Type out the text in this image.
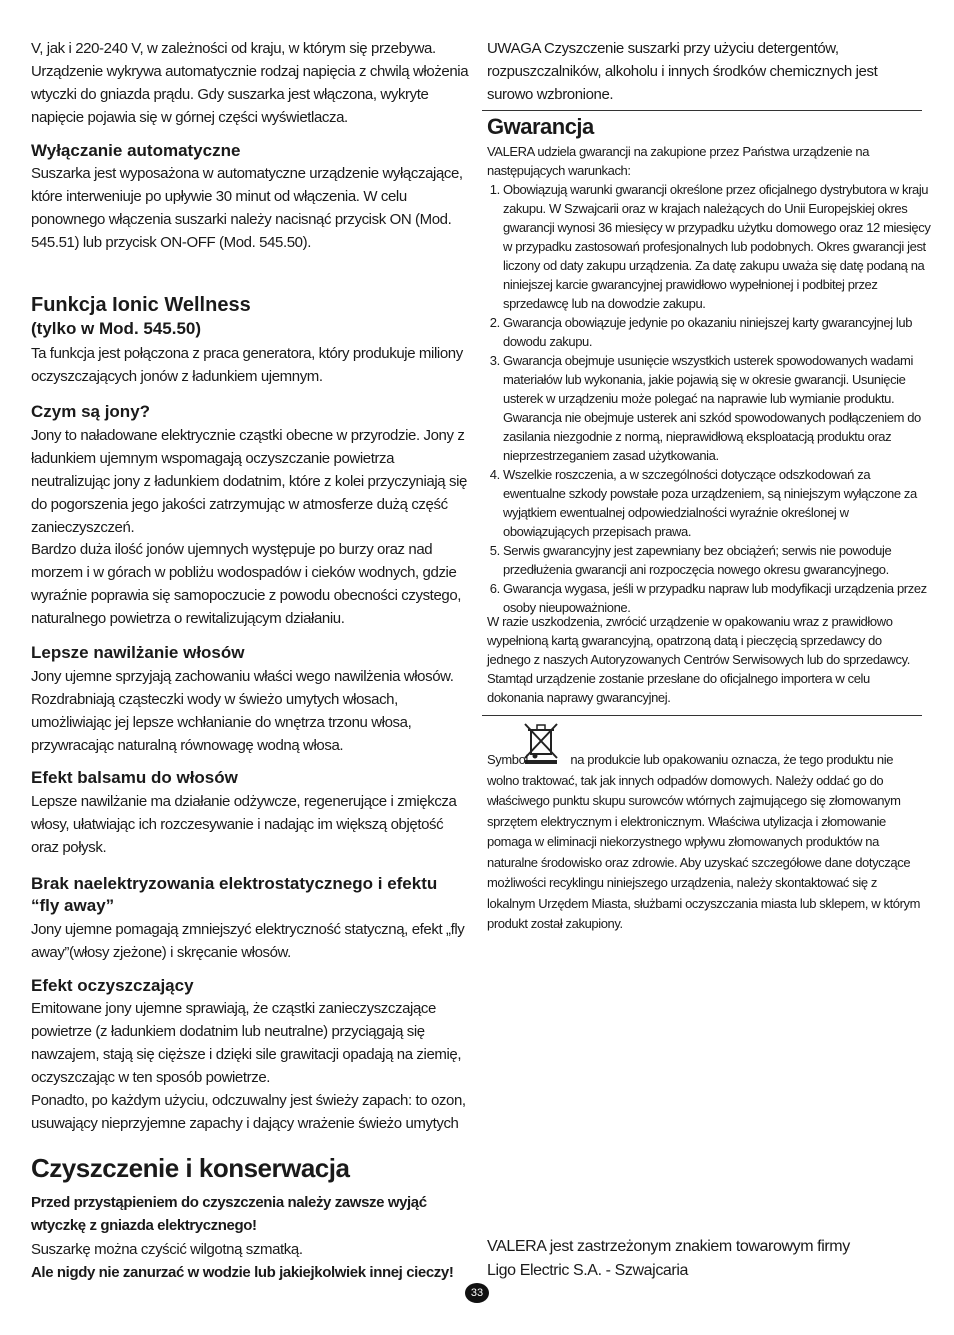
V, jak i 220-240 V, w zależności od kraju, w którym się przebywa. Urządzenie wykrywa automatycznie rodzaj napięcia z chwilą włożenia wtyczki do gniazda prądu. Gdy suszarka jest włączona, wykryte napięcie pojawia się w górnej części wyświetlacza.
Wyłączanie automatyczne
Suszarka jest wyposażona w automatyczne urządzenie wyłączające, które interweniuje po upływie 30 minut od włączenia. W celu ponownego włączenia suszarki należy nacisnąć przycisk ON (Mod. 545.51) lub przycisk ON-OFF (Mod. 545.50).
Funkcja Ionic Wellness
(tylko w Mod. 545.50)
Ta funkcja jest połączona z praca generatora, który produkuje miliony oczyszczających jonów z ładunkiem ujemnym.
Czym są jony?
Jony to naładowane elektrycznie cząstki obecne w przyrodzie. Jony z ładunkiem ujemnym wspomagają oczyszczanie powietrza neutralizując jony z ładunkiem dodatnim, które z kolei przyczyniają się do pogorszenia jego jakości zatrzymując w atmosferze dużą część zanieczyszczeń.
Bardzo duża ilość jonów ujemnych występuje po burzy oraz nad morzem i w górach w pobliżu wodospadów i cieków wodnych, gdzie wyraźnie poprawia się samopoczucie z powodu obecności czystego, naturalnego powietrza o rewitalizującym działaniu.
Lepsze nawilżanie włosów
Jony ujemne sprzyjają zachowaniu właści wego nawilżenia włosów. Rozdrabniają cząsteczki wody w świeżo umytych włosach, umożliwiając jej lepsze wchłanianie do wnętrza trzonu włosa, przywracając naturalną równowagę wodną włosa.
Efekt balsamu do włosów
Lepsze nawilżanie ma działanie odżywcze, regenerujące i zmiękcza włosy, ułatwiając ich rozczesywanie i nadając im większą objętość oraz połysk.
Brak naelektryzowania elektrostatycznego i efektu “fly away”
Jony ujemne pomagają zmniejszyć elektryczność statyczną, efekt „fly away”(włosy zjeżone) i skręcanie włosów.
Efekt oczyszczający
Emitowane jony ujemne sprawiają, że cząstki zanieczyszczające powietrze (z ładunkiem dodatnim lub neutralne) przyciągają się nawzajem, stają się cięższe i dzięki sile grawitacji opadają na ziemię, oczyszczając w ten sposób powietrze.
Ponadto, po każdym użyciu, odczuwalny jest świeży zapach: to ozon, usuwający nieprzyjemne zapachy i dający wrażenie świeżo umytych
Czyszczenie i konserwacja
Przed przystąpieniem do czyszczenia należy zawsze wyjąć wtyczkę z gniazda elektrycznego!
Suszarkę można czyścić wilgotną szmatką.
Ale nigdy nie zanurzać w wodzie lub jakiejkolwiek innej cieczy!
UWAGA Czyszczenie suszarki przy użyciu detergentów, rozpuszczalników, alkoholu i innych środków chemicznych jest surowo wzbronione.
Gwarancja
VALERA udziela gwarancji na zakupione przez Państwa urządzenie na następujących warunkach:
1. Obowiązują warunki gwarancji określone przez oficjalnego dystrybutora w kraju zakupu. W Szwajcarii oraz w krajach należących do Unii Europejskiej okres gwarancji wynosi 36 miesięcy w przypadku użytku domowego oraz 12 miesięcy w przypadku zastosowań profesjonalnych lub podobnych. Okres gwarancji jest liczony od daty zakupu urządzenia. Za datę zakupu uważa się datę podaną na niniejszej karcie gwarancyjnej prawidłowo wypełnionej i podbitej przez sprzedawcę lub na dowodzie zakupu.
2. Gwarancja obowiązuje jedynie po okazaniu niniejszej karty gwarancyjnej lub dowodu zakupu.
3. Gwarancja obejmuje usunięcie wszystkich usterek spowodowanych wadami materiałów lub wykonania, jakie pojawią się w okresie gwarancji. Usunięcie usterek w urządzeniu może polegać na naprawie lub wymianie produktu. Gwarancja nie obejmuje usterek ani szkód spowodowanych podłączeniem do zasilania niezgodnie z normą, nieprawidłową eksploatacją produktu oraz nieprzestrzeganiem zasad użytkowania.
4. Wszelkie roszczenia, a w szczególności dotyczące odszkodowań za ewentualne szkody powstałe poza urządzeniem, są niniejszym wyłączone za wyjątkiem ewentualnej odpowiedzialności wyraźnie określonej w obowiązujących przepisach prawa.
5. Serwis gwarancyjny jest zapewniany bez obciążeń; serwis nie powoduje przedłużenia gwarancji ani rozpoczęcia nowego okresu gwarancyjnego.
6. Gwarancja wygasa, jeśli w przypadku napraw lub modyfikacji urządzenia przez osoby nieupoważnione.
W razie uszkodzenia, zwrócić urządzenie w opakowaniu wraz z prawidłowo wypełnioną kartą gwarancyjną, opatrzoną datą i pieczęcią sprzedawcy do jednego z naszych Autoryzowanych Centrów Serwisowych lub do sprzedawcy. Stamtąd urządzenie zostanie przesłane do oficjalnego importera w celu dokonania naprawy gwarancyjnej.
Symbol	na produkcie lub opakowaniu oznacza, że tego produktu nie wolno traktować, tak jak innych odpadów domowych. Należy oddać go do właściwego punktu skupu surowców wtórnych zajmującego się złomowanym sprzętem elektrycznym i elektronicznym. Właściwa utylizacja i złomowanie pomaga w eliminacji niekorzystnego wpływu złomowanych produktów na naturalne środowisko oraz zdrowie. Aby uzyskać szczegółowe dane dotyczące możliwości recyklingu niniejszego urządzenia, należy skontaktować się z lokalnym Urzędem Miasta, służbami oczyszczania miasta lub sklepem, w którym produkt został zakupiony.
VALERA jest zastrzeżonym znakiem towarowym firmy Ligo Electric S.A. - Szwajcaria
33
